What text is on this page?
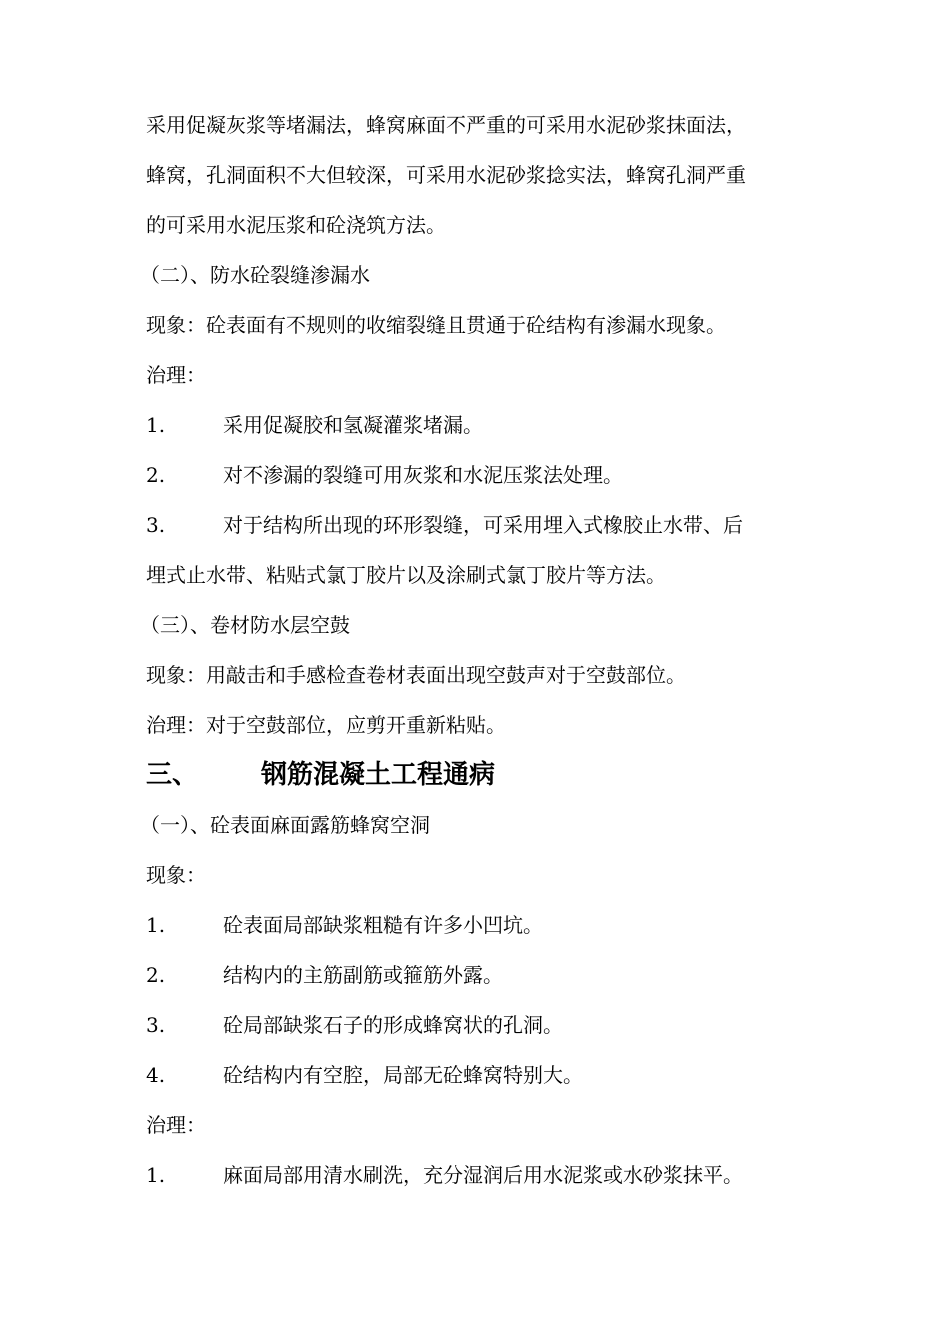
采用促凝灰浆等堵漏法，蜂窝麻面不严重的可采用水泥砂浆抹面法，
蜂窝，孔洞面积不大但较深，可采用水泥砂浆捻实法，蜂窝孔洞严重
的可采用水泥压浆和砼浇筑方法。
（二）、防水砼裂缝渗漏水
现象：砼表面有不规则的收缩裂缝且贯通于砼结构有渗漏水现象。
治理：
1.	采用促凝胶和氢凝灌浆堵漏。
2.	对不渗漏的裂缝可用灰浆和水泥压浆法处理。
3.	对于结构所出现的环形裂缝，可采用埋入式橡胶止水带、后
埋式止水带、粘贴式氯丁胶片以及涂刷式氯丁胶片等方法。
（三）、卷材防水层空鼓
现象：用敲击和手感检查卷材表面出现空鼓声对于空鼓部位。
治理：对于空鼓部位，应剪开重新粘贴。
三、	钢筋混凝土工程通病
（一）、砼表面麻面露筋蜂窝空洞
现象：
1.	砼表面局部缺浆粗糙有许多小凹坑。
2.	结构内的主筋副筋或箍筋外露。
3.	砼局部缺浆石子的形成蜂窝状的孔洞。
4.	砼结构内有空腔，局部无砼蜂窝特别大。
治理：
1.	麻面局部用清水刷洗，充分湿润后用水泥浆或水砂浆抹平。
